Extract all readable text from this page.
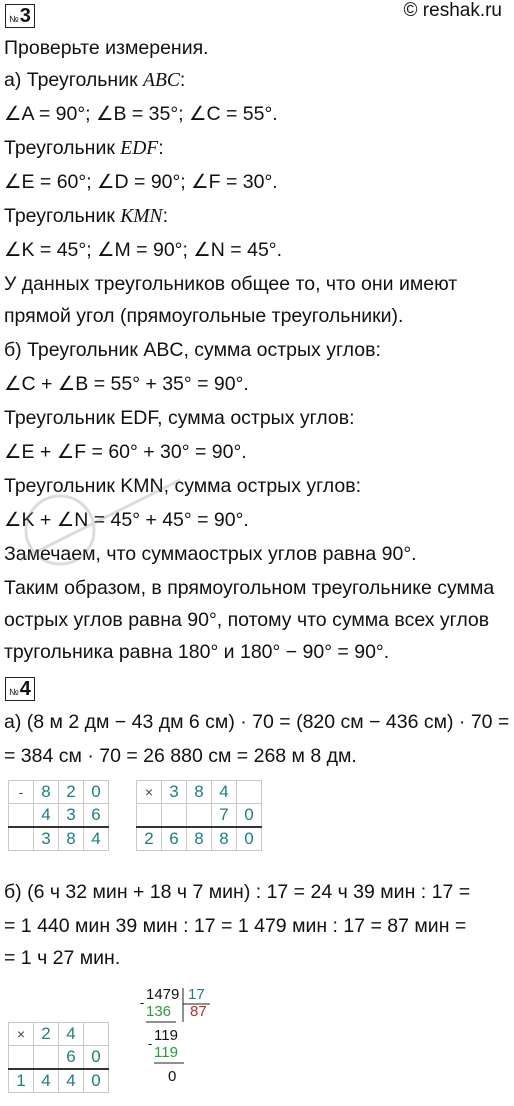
© reshak.ru
№ 3
Проверьте измерения.
а) Треугольник ABC:
∠A = 90°; ∠B = 35°; ∠C = 55°.
Треугольник EDF:
∠E = 60°; ∠D = 90°; ∠F = 30°.
Треугольник KMN:
∠K = 45°; ∠M = 90°; ∠N = 45°.
У данных треугольников общее то, что они имеют
прямой угол (прямоугольные треугольники).
б) Треугольник ABC, сумма острых углов:
∠C + ∠B = 55° + 35° = 90°.
Треугольник EDF, сумма острых углов:
∠E + ∠F = 60° + 30° = 90°.
Треугольник KMN, сумма острых углов:
∠K + ∠N = 45° + 45° = 90°.
Замечаем, что суммаострых углов равна 90°.
Таким образом, в прямоугольном треугольнике сумма
острых углов равна 90°, потому что сумма всех углов
тругольника равна 180° и 180° − 90° = 90°.
№ 4
а) (8 м 2 дм − 43 дм 6 см) · 70 = (820 см − 436 см) · 70 =
= 384 см · 70 = 26 880 см = 268 м 8 дм.
-	8	2	0
	4	3	6
	3	8	4
×	3	8	4	
			7	0
2	6	8	8	0
б) (6 ч 32 мин + 18 ч 7 мин) : 17 = 24 ч 39 мин : 17 =
= 1 440 мин 39 мин : 17 = 1 479 мин : 17 = 87 мин =
= 1 ч 27 мин.
×	2	4	
		6	0
1	4	4	0
1479 17
-
136 87
119
-
119
0
